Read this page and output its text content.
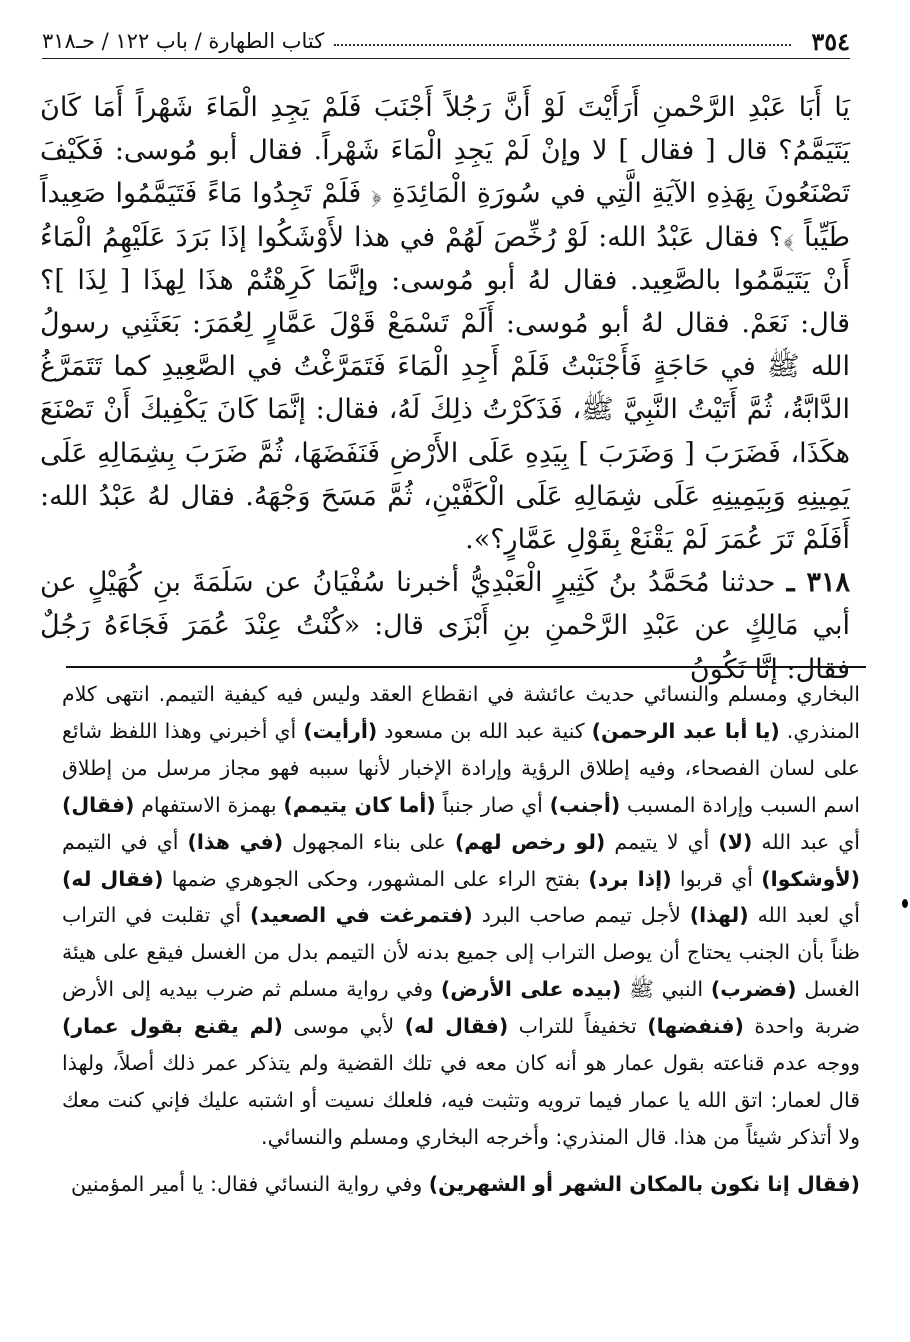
٣٥٤
كتاب الطهارة / باب ١٢٢ / حـ٣١٨

يَا أَبَا عَبْدِ الرَّحْمنِ أَرَأَيْتَ لَوْ أَنَّ رَجُلاً أَجْنَبَ فَلَمْ يَجِدِ الْمَاءَ شَهْراً أَمَا كَانَ يَتَيَمَّمُ؟ قال [ فقال ] لا وإنْ لَمْ يَجِدِ الْمَاءَ شَهْراً. فقال أبو مُوسى: فَكَيْفَ تَصْنَعُونَ بِهَذِهِ الآيَةِ الَّتِي في سُورَةِ الْمَائِدَةِ ﴿ فَلَمْ تَجِدُوا مَاءً فَتَيَمَّمُوا صَعِيداً طَيِّباً ﴾؟ فقال عَبْدُ الله: لَوْ رُخِّصَ لَهُمْ في هذا لأَوْشَكُوا إذَا بَرَدَ عَلَيْهِمُ الْمَاءُ أَنْ يَتَيَمَّمُوا بالصَّعِيد. فقال لهُ أبو مُوسى: وإنَّمَا كَرِهْتُمْ هذَا لِهذَا [ لِذَا ]؟ قال: نَعَمْ. فقال لهُ أبو مُوسى: أَلَمْ تَسْمَعْ قَوْلَ عَمَّارٍ لِعُمَرَ: بَعَثَنِي رسولُ الله ﷺ في حَاجَةٍ فَأَجْنَبْتُ فَلَمْ أَجِدِ الْمَاءَ فَتَمَرَّغْتُ في الصَّعِيدِ كما تَتَمَرَّغُ الدَّابَّةُ، ثُمَّ أَتَيْتُ النَّبِيَّ ﷺ، فَذَكَرْتُ ذلِكَ لَهُ، فقال: إنَّمَا كَانَ يَكْفِيكَ أَنْ تَصْنَعَ هكَذَا، فَضَرَبَ [ وَضَرَبَ ] بِيَدِهِ عَلَى الأَرْضِ فَنَفَضَهَا، ثُمَّ ضَرَبَ بِشِمَالِهِ عَلَى يَمِينِهِ وَبِيَمِينِهِ عَلَى شِمَالِهِ عَلَى الْكَفَّيْنِ، ثُمَّ مَسَحَ وَجْهَهُ. فقال لهُ عَبْدُ الله: أَفَلَمْ تَرَ عُمَرَ لَمْ يَقْنَعْ بِقَوْلِ عَمَّارٍ؟».

٣١٨ ـ حدثنا مُحَمَّدُ بنُ كَثِيرٍ الْعَبْدِيُّ أخبرنا سُفْيَانُ عن سَلَمَةَ بنِ كُهَيْلٍ عن أبي مَالِكٍ عن عَبْدِ الرَّحْمنِ بنِ أَبْزَى قال: «كُنْتُ عِنْدَ عُمَرَ فَجَاءَهُ رَجُلٌ فقال: إنَّا نَكُونُ

البخاري ومسلم والنسائي حديث عائشة في انقطاع العقد وليس فيه كيفية التيمم. انتهى كلام المنذري. (يا أبا عبد الرحمن) كنية عبد الله بن مسعود (أرأيت) أي أخبرني وهذا اللفظ شائع على لسان الفصحاء، وفيه إطلاق الرؤية وإرادة الإخبار لأنها سببه فهو مجاز مرسل من إطلاق اسم السبب وإرادة المسبب (أجنب) أي صار جنباً (أما كان يتيمم) بهمزة الاستفهام (فقال) أي عبد الله (لا) أي لا يتيمم (لو رخص لهم) على بناء المجهول (في هذا) أي في التيمم (لأوشكوا) أي قربوا (إذا برد) بفتح الراء على المشهور، وحكى الجوهري ضمها (فقال له) أي لعبد الله (لهذا) لأجل تيمم صاحب البرد (فتمرغت في الصعيد) أي تقلبت في التراب ظناً بأن الجنب يحتاج أن يوصل التراب إلى جميع بدنه لأن التيمم بدل من الغسل فيقع على هيئة الغسل (فضرب) النبي ﷺ (بيده على الأرض) وفي رواية مسلم ثم ضرب بيديه إلى الأرض ضربة واحدة (فنفضها) تخفيفاً للتراب (فقال له) لأبي موسى (لم يقنع بقول عمار) ووجه عدم قناعته بقول عمار هو أنه كان معه في تلك القضية ولم يتذكر عمر ذلك أصلاً، ولهذا قال لعمار: اتق الله يا عمار فيما ترويه وتثبت فيه، فلعلك نسيت أو اشتبه عليك فإني كنت معك ولا أتذكر شيئاً من هذا. قال المنذري: وأخرجه البخاري ومسلم والنسائي.

(فقال إنا نكون بالمكان الشهر أو الشهرين) وفي رواية النسائي فقال: يا أمير المؤمنين
